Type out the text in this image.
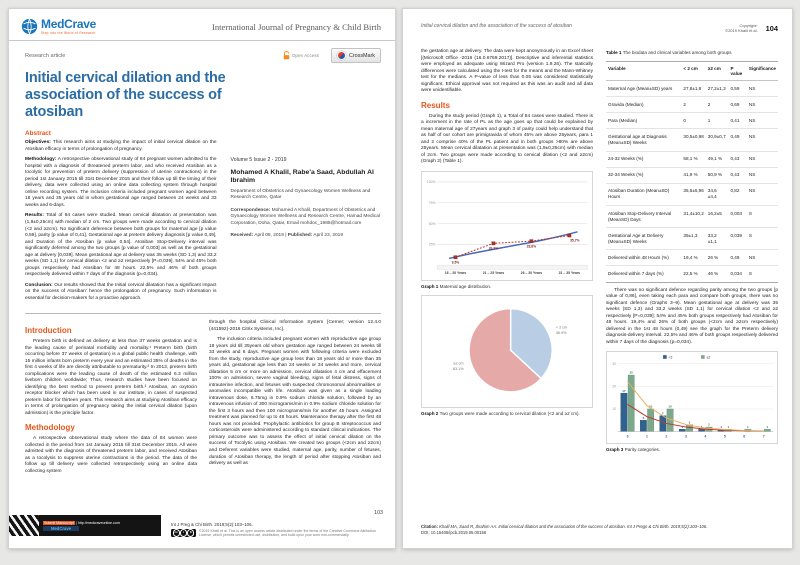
MedCrave
Step into the World of Research
International Journal of Pregnancy & Child Birth
Research article	Open Access	CrossMark
Initial cervical dilation and the association of the success of atosiban
Abstract

Objectives: This research aims at studying the impact of initial cervical dilation on the Atosiban efficacy in terms of prolongation of pregnancy.

Methodology: A retrospective observational study of 84 pregnant women admitted to the hospital with a diagnosis of threatened preterm labor, and who received Atosiban as a tocolytic for prevention of preterm delivery (suppression of uterine contractions) in the period 1st January 2015 till 31st December 2015 and their follow up till the timing of their delivery, data were collected using an online data collecting system through hospital online recording system. The inclusion criteria included pregnant women aged between 18 years and 35 years old in whom gestational age ranged between 24 weeks and 33 weeks and 6-days.

Results: Total of 84 cases were studied. Mean cervical dilatation at presentation was (1,9±0,25cm) with median of 2 cm. Two groups were made according to cervical dilation (<2 and ≥2cm). No significant deference between both groups for maternal age [p value 0,59], parity [p value of 0,41], Gestational age at preterm delivery diagnosis [p value 0,49], and Duration of the Atosiban [p value 0,54]. Atosiban Stop-Delivery interval was significantly deferred among the two groups [p value of 0,003] as well as the gestational age at delivery [0,039]. Mean gestational age at delivery was 35 weeks (SD 1,3) and 33,2 weeks (SD 1,1) for cervical dilation <2 and ≥2 respectively [P=0,039]. 54% and 45% both groups respectively had Atosiban for 48 hours. 22,5% and 46% of both groups respectively delivered within 7 days of the diagnosis (p=0,034).

Conclusion: Our results showed that the Initial cervical dilatation has a significant impact on the success of Atosiban' hence the prolongation of pregnancy. Such information is essential for decision-makers for a proactive approach.

Volume 5 Issue 2 - 2019

Mohamed A Khalil, Rabe'a Saad, Abdullah Al Ibrahim

Department of Obstetrics and Gynaecology Women Wellness and Research Centre, Qatar

Correspondence: Mohamed A Khalil, Department of Obstetrics and Gynaecology Women Wellness and Research Centre, Hamad Medical Corporation, Doha, Qatar, Email mohdoc_1985@hotmail.com

Received: April 08, 2019 | Published: April 23, 2019

Introduction

Preterm birth is defined as delivery at less than 37 weeks gestation and is the leading cause of perinatal morbidity and mortality.¹ Preterm birth (birth occurring before 37 weeks of gestation) is a global public health challenge, with 15 million infants born preterm every year and an estimated 35% of deaths in the first 4 weeks of life are directly attributable to prematurity.² In 2013, preterm birth complications were the leading cause of death of the estimated 6.3 million liveborn children worldwide; Thus, research studies have been focused on identifying the best method to prevent preterm birth.³ Atosiban, an oxytocin receptor blocker which has been used in our institute, in cases of suspected preterm labor for thirteen years. This research aims at studying Atosiban efficacy in terms of prolongation of pregnancy taking the initial cervical dilation (upon admission) is the principle factor.

Methodology

A retrospective observational study where the data of 84 women were collected in the period from 1st January 2015 till 31st December 2015. All were admitted with the diagnosis of threatened preterm labor, and received Atosiban as a tocolysis to suppress uterine contractions in the period. The data of the follow up till delivery were collected retrospectively using an online data collecting system

through the hospital Clinical Information System [Cerner; version 12.4.0 (441592)-2016 Citrix Systems, Inc].

The inclusion criteria included pregnant women with reproductive age group 18 years old till 35years old whom gestation age ranged between 24 weeks till 33 weeks and 6 days. Pregnant women with following criteria were excluded from the study, reproductive age group less than 18 years old or more than 35 years old, gestational age less than 24 weeks or 34 weeks and more, cervical dilatation 5 cm or more on admission, cervical dilatation 4 cm and effacement 100% on admission, severe vaginal bleeding, signs of fetal distress, signs of intrauterine infection, and fetuses with suspected chromosomal abnormalities or anomalies incompatible with life. Atosiban was given as a single loading intravenous dose, 6.75mg in 0.9% sodium chloride solution, followed by an intravenous infusion of 300 micrograms/min in 0.9% sodium chloride solution for the first 3 hours and then 100 micrograms/min for another 45 hours. Assigned treatment was planned for up to 48 hours. Maintenance therapy after the first 48 hours was not provided. Prophylactic antibiotics for group B streptococcus and corticosteroids were administered according to standard clinical indications. The primary outcome was to assess the effect of initial cervical dilation on the success of Tocolytic using Atosiban. We created two groups (<2cm and ≥2cm) and Deferent variables were studied, maternal age, parity, number of fetuses, duration of Atosiban therapy, the length of period after stopping Atosiban and delivery as well as

Submit Manuscript | http://medcraveonline.com
MedCrave

Int J Preg & Chi Birth. 2019;5(2):103‒106.

cc	i	$	©2019 Khalil et al. This is an open access article distributed under the terms of the Creative Commons Attribution License, which permits unrestricted use, distribution, and build upon your work non-commercially.
103
Initial cervical dilation and the association of the success of atosiban	Copyright:
©2019 Khalil et al. 104

the gestation age at delivery. The data were kept anonymously in an Excel sheet [(Microsoft Office -2016 (16.0.6769.2017)]. Descriptive and inferential statistics were employed as adequate using Wizard Pro (version 1.9.26). The statically differences were calculated using the t-test for the means and the Mann-Whitney test for the medians. A P-value of less than 0.05 was considered statistically significant. Ethical approval was not required as this was an audit and all data were unidentifiable.

Results

During the study period (Graph 1), a Total of 84 cases were studied. There is a increment in the rate of PL as the age goes up that could be explained by mean maternal age of 27years and graph 3 of parity could help understand that as half of our cohort are primigravida of whom 45% are above 25years, para 1 and 2 comprise 40% of the PL patient and in both groups >80% are above 25years. Mean cervical dilatation at presentation was (1,9±0,25cm) with median of 2cm. Two groups were made according to cervical dilation (<2 and ≥2cm) (Graph 2) (Table 1).

25%
50%
75%
100%
18 – 20 Years	21 – 25 Years	26 – 30 Years	31 – 35 Years
9,5%
26,2%
28,8%
35,7%

Graph 1 Maternal age distribution.

< 2 cm
36.9%
≥2 cm
63.1%

Graph 2 Two groups were made according to cervical dilation (<2 and ≥2 cm).

Table 1 The biodata and clinical variables among both groups

Variable	< 2 cm	≥2 cm	P value	Significance
Maternal Age (Mean±SD) years	27,8±1,8	27,2±1,3	0,59	NS
Gravida (Median)	2	2	0,69	NS
Para (Median)	0	1	0,41	NS
Gestational age at Diagnosis (Mean±SD) Weeks	30,5±0,98	30,9±0,7	0,49	NS
24-32 Weeks (%)	58,1 %	49,1 %	0,43	NS
32-34 Weeks (%)	41,9 %	50,9 %	0,43	NS
Atosiban Duration (Mean±SD) Hours	35,5±5,96	34,6 ±4,4	0,82	NS
Atosiban Stop-Delivery Interval (MeanSD) Days	31,4±10,2	16,2±5	0,003	S
Gestational Age at Delivery (Mean±SD) Weeks	35±1,3	33,2 ±1,1	0,039	S
Delivered within 48 Hours (%)	19,4 %	26 %	0,49	NS
Delivered within 7 days (%)	22,5 %	46 %	0,034	S

There was no significant defence regarding parity among the two groups [p value of 0,86], even taking each para and compare both groups, there was no significant defence (Graphs 3–9). Mean gestational age at delivery was 35 weeks (SD 1,3) and 33,2 weeks (SD 1,1) for cervical dilation <2 and ≥2 respectively [P=0,039]; 54% and 45% both groups respectively had Atosiban for 48 hours. 19,4% and 26% of both groups (<2cm and ≥2cm respectively) delivered in the 1st 48 hours (0,49) see the graph for the Preterm delivery diagnosis-delivery interval. 22,5% and 46% of both groups respectively delivered within 7 days of the diagnosis (p=0,034).

10
20
30
<2	≥2
17
25
0
5
10
1
7
10
2
1
3
3
1
2
4
1 1
5
1
6
1
7

Graph 3 Parity categories.

Citation: Khalil MA, Saad R, Ibrahim AA. Initial cervical dilation and the association of the success of atosiban. Int J Pregn & Chi Birth. 2019;5(2):103‒106.
DOI: 10.15406/ipcb.2019.05.00156
